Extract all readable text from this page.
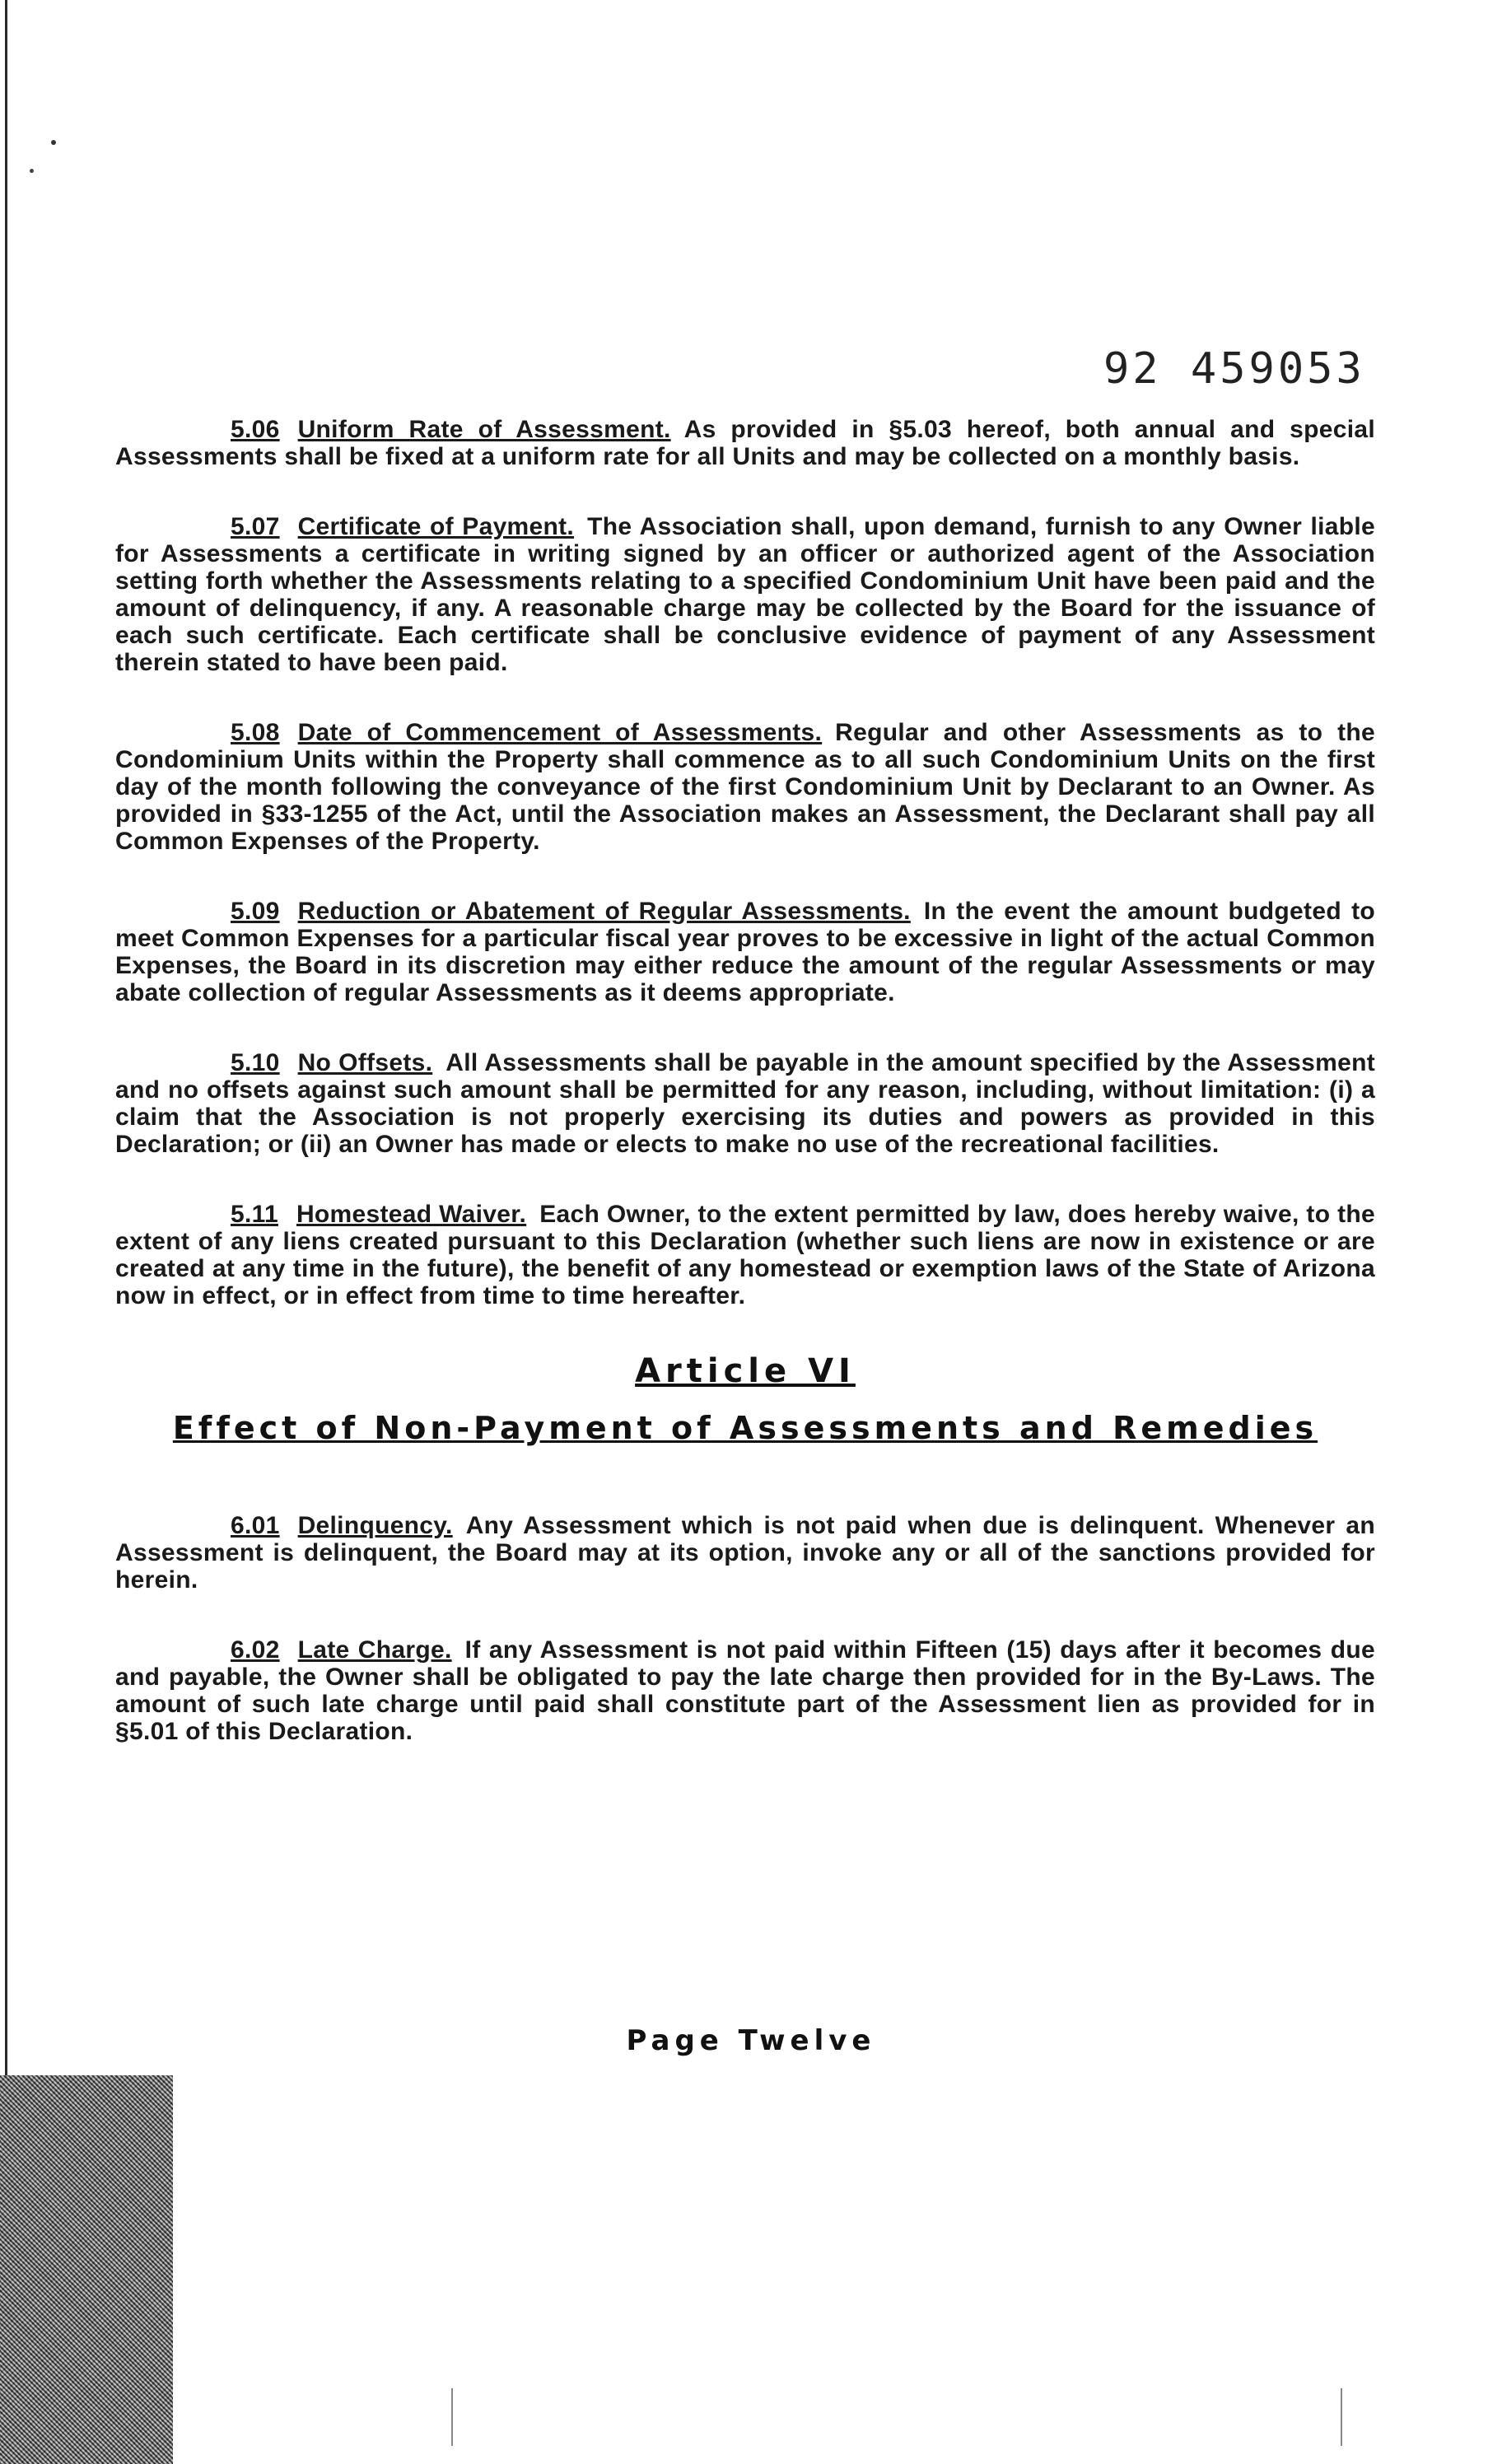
92 459053

5.06 Uniform Rate of Assessment. As provided in §5.03 hereof, both annual and special Assessments shall be fixed at a uniform rate for all Units and may be collected on a monthly basis.

5.07 Certificate of Payment. The Association shall, upon demand, furnish to any Owner liable for Assessments a certificate in writing signed by an officer or authorized agent of the Association setting forth whether the Assessments relating to a specified Condominium Unit have been paid and the amount of delinquency, if any. A reasonable charge may be collected by the Board for the issuance of each such certificate. Each certificate shall be conclusive evidence of payment of any Assessment therein stated to have been paid.

5.08 Date of Commencement of Assessments. Regular and other Assessments as to the Condominium Units within the Property shall commence as to all such Condominium Units on the first day of the month following the conveyance of the first Condominium Unit by Declarant to an Owner. As provided in §33-1255 of the Act, until the Association makes an Assessment, the Declarant shall pay all Common Expenses of the Property.

5.09 Reduction or Abatement of Regular Assessments. In the event the amount budgeted to meet Common Expenses for a particular fiscal year proves to be excessive in light of the actual Common Expenses, the Board in its discretion may either reduce the amount of the regular Assessments or may abate collection of regular Assessments as it deems appropriate.

5.10 No Offsets. All Assessments shall be payable in the amount specified by the Assessment and no offsets against such amount shall be permitted for any reason, including, without limitation: (i) a claim that the Association is not properly exercising its duties and powers as provided in this Declaration; or (ii) an Owner has made or elects to make no use of the recreational facilities.

5.11 Homestead Waiver. Each Owner, to the extent permitted by law, does hereby waive, to the extent of any liens created pursuant to this Declaration (whether such liens are now in existence or are created at any time in the future), the benefit of any homestead or exemption laws of the State of Arizona now in effect, or in effect from time to time hereafter.

Article VI
Effect of Non-Payment of Assessments and Remedies

6.01 Delinquency. Any Assessment which is not paid when due is delinquent. Whenever an Assessment is delinquent, the Board may at its option, invoke any or all of the sanctions provided for herein.

6.02 Late Charge. If any Assessment is not paid within Fifteen (15) days after it becomes due and payable, the Owner shall be obligated to pay the late charge then provided for in the By-Laws. The amount of such late charge until paid shall constitute part of the Assessment lien as provided for in §5.01 of this Declaration.

Page Twelve
